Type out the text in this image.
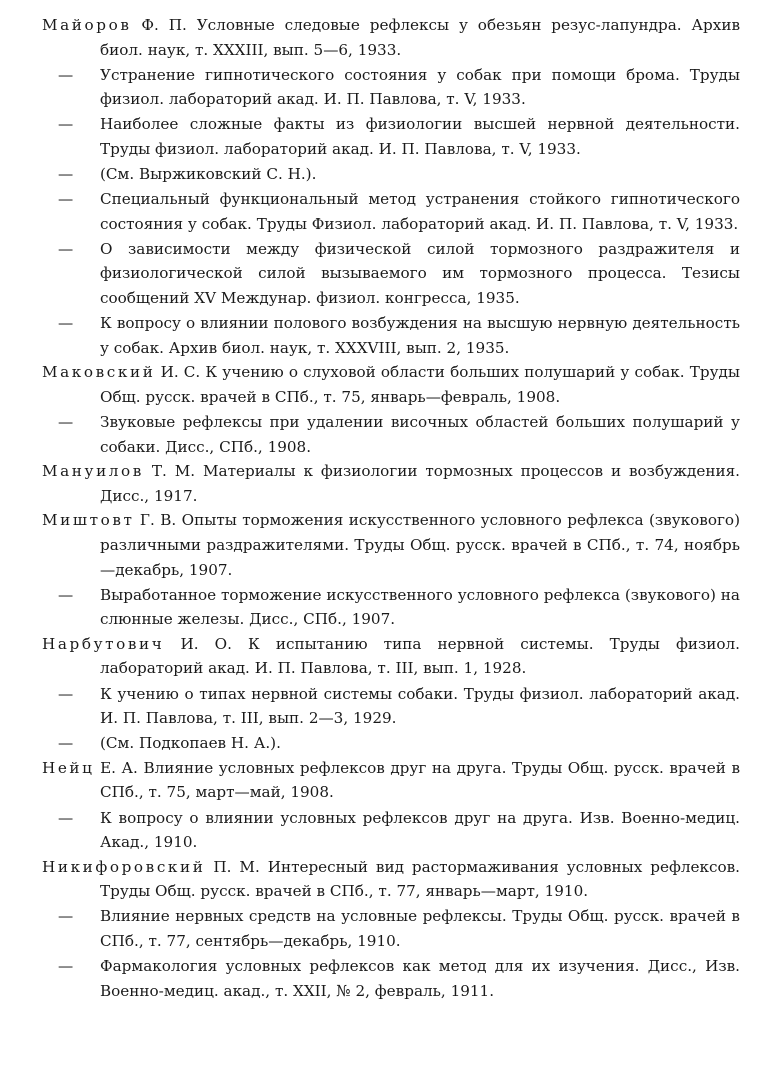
Майоров Ф. П. Условные следовые рефлексы у обезьян резус-лапундра. Архив биол. наук, т. XXXIII, вып. 5—6, 1933.

—	Устранение гипнотического состояния у собак при помощи брома. Труды физиол. лабораторий акад. И. П. Павлова, т. V, 1933.

—	Наиболее сложные факты из физиологии высшей нервной деятельности. Труды физиол. лабораторий акад. И. П. Павлова, т. V, 1933.

—	(См. Выржиковский С. Н.).

—	Специальный функциональный метод устранения стойкого гипнотического состояния у собак. Труды Физиол. лабораторий акад. И. П. Павлова, т. V, 1933.

—	О зависимости между физической силой тормозного раздражителя и физиологической силой вызываемого им тормозного процесса. Тезисы сообщений XV Междунар. физиол. конгресса, 1935.

—	К вопросу о влиянии полового возбуждения на высшую нервную деятельность у собак. Архив биол. наук, т. XXXVIII, вып. 2, 1935.

Маковский И. С. К учению о слуховой области больших полушарий у собак. Труды Общ. русск. врачей в СПб., т. 75, январь—февраль, 1908.

—	Звуковые рефлексы при удалении височных областей больших полушарий у собаки. Дисс., СПб., 1908.

Мануилов Т. М. Материалы к физиологии тормозных процессов и возбуждения. Дисс., 1917.

Миштовт Г. В. Опыты торможения искусственного условного рефлекса (звукового) различными раздражителями. Труды Общ. русск. врачей в СПб., т. 74, ноябрь—декабрь, 1907.

—	Выработанное торможение искусственного условного рефлекса (звукового) на слюнные железы. Дисс., СПб., 1907.

Нарбутович И. О. К испытанию типа нервной системы. Труды физиол. лабораторий акад. И. П. Павлова, т. III, вып. 1, 1928.

—	К учению о типах нервной системы собаки. Труды физиол. лабораторий акад. И. П. Павлова, т. III, вып. 2—3, 1929.

—	(См. Подкопаев Н. А.).

Нейц Е. А. Влияние условных рефлексов друг на друга. Труды Общ. русск. врачей в СПб., т. 75, март—май, 1908.

—	К вопросу о влиянии условных рефлексов друг на друга. Изв. Военно-медиц. Акад., 1910.

Никифоровский П. М. Интересный вид растормаживания условных рефлексов. Труды Общ. русск. врачей в СПб., т. 77, январь—март, 1910.

—	Влияние нервных средств на условные рефлексы. Труды Общ. русск. врачей в СПб., т. 77, сентябрь—декабрь, 1910.

—	Фармакология условных рефлексов как метод для их изучения. Дисс., Изв. Военно-медиц. акад., т. XXII, № 2, февраль, 1911.
